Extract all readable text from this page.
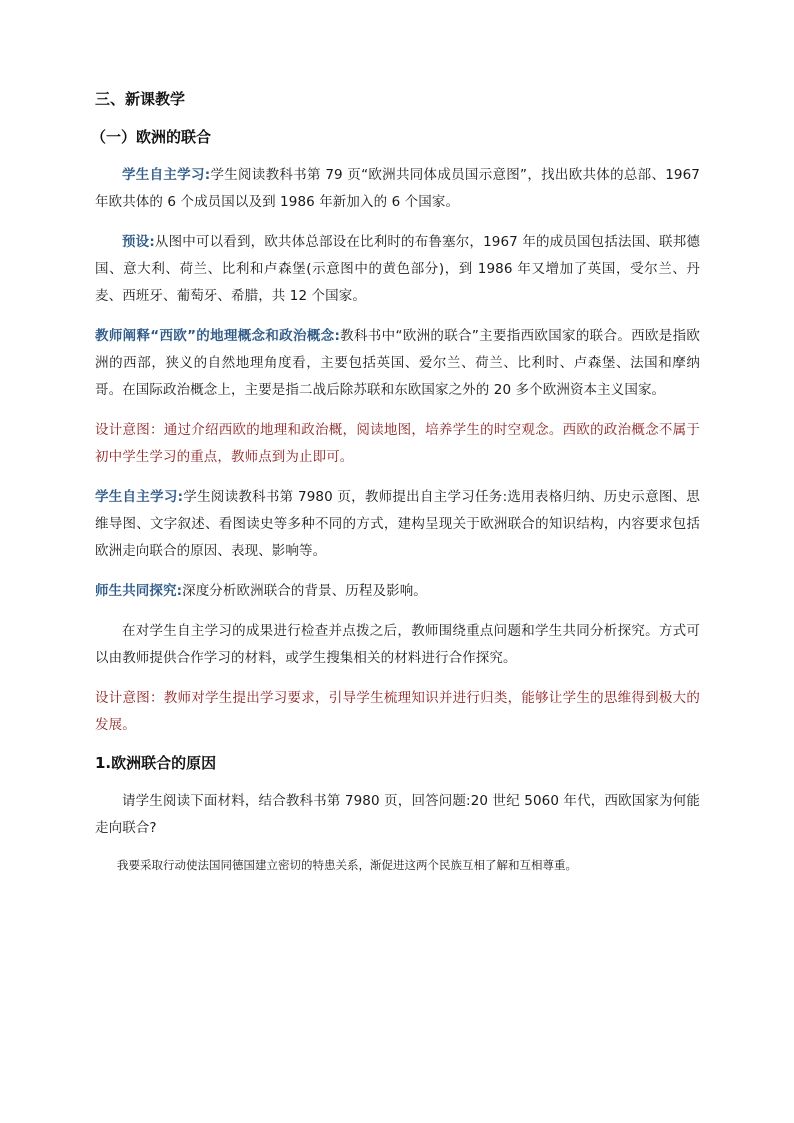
三、新课教学
（一）欧洲的联合

学生自主学习:学生阅读教科书第 79 页“欧洲共同体成员国示意图”，找出欧共体的总部、1967 年欧共体的 6 个成员国以及到 1986 年新加入的 6 个国家。

预设:从图中可以看到，欧共体总部设在比利时的布鲁塞尔，1967 年的成员国包括法国、联邦德国、意大利、荷兰、比利和卢森堡(示意图中的黄色部分)，到 1986 年又增加了英国，受尔兰、丹麦、西班牙、葡萄牙、希腊，共 12 个国家。

教师阐释“西欧”的地理概念和政治概念:教科书中“欧洲的联合”主要指西欧国家的联合。西欧是指欧洲的西部，狭义的自然地理角度看，主要包括英国、爱尔兰、荷兰、比利时、卢森堡、法国和摩纳哥。在国际政治概念上，主要是指二战后除苏联和东欧国家之外的 20 多个欧洲资本主义国家。

设计意图：通过介绍西欧的地理和政治概，阅读地图，培养学生的时空观念。西欧的政治概念不属于初中学生学习的重点，教师点到为止即可。

学生自主学习:学生阅读教科书第 7980 页，教师提出自主学习任务:选用表格归纳、历史示意图、思维导图、文字叙述、看图读史等多种不同的方式，建构呈现关于欧洲联合的知识结构，内容要求包括欧洲走向联合的原因、表现、影响等。

师生共同探究:深度分析欧洲联合的背景、历程及影响。

在对学生自主学习的成果进行检查并点拨之后，教师围绕重点问题和学生共同分析探究。方式可以由教师提供合作学习的材料，或学生搜集相关的材料进行合作探究。

设计意图：教师对学生提出学习要求，引导学生梳理知识并进行归类，能够让学生的思维得到极大的发展。

1.欧洲联合的原因

请学生阅读下面材料，结合教科书第 7980 页，回答问题:20 世纪 5060 年代，西欧国家为何能走向联合?

我要采取行动使法国同德国建立密切的特患关系，渐促进这两个民族互相了解和互相尊重。
